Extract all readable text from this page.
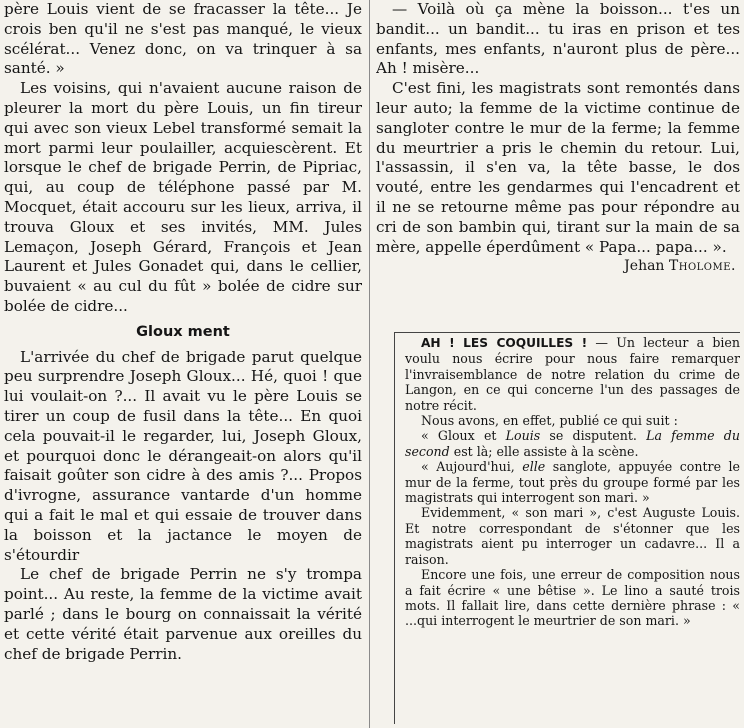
père Louis vient de se fracasser la tête... Je crois ben qu'il ne s'est pas manqué, le vieux scélérat... Venez donc, on va trinquer à sa santé. »

Les voisins, qui n'avaient aucune raison de pleurer la mort du père Louis, un fin tireur qui avec son vieux Lebel transformé semait la mort parmi leur poulailler, acquiescèrent. Et lorsque le chef de brigade Perrin, de Pipriac, qui, au coup de téléphone passé par M. Mocquet, était accouru sur les lieux, arriva, il trouva Gloux et ses invités, MM. Jules Lemaçon, Joseph Gérard, François et Jean Laurent et Jules Gonadet qui, dans le cellier, buvaient « au cul du fût » bolée de cidre sur bolée de cidre...

Gloux ment

L'arrivée du chef de brigade parut quelque peu surprendre Joseph Gloux... Hé, quoi ! que lui voulait-on ?... Il avait vu le père Louis se tirer un coup de fusil dans la tête... En quoi cela pouvait-il le regarder, lui, Joseph Gloux, et pourquoi donc le dérangeait-on alors qu'il faisait goûter son cidre à des amis ?... Propos d'ivrogne, assurance vantarde d'un homme qui a fait le mal et qui essaie de trouver dans la boisson et la jactance le moyen de s'étourdir

Le chef de brigade Perrin ne s'y trompa point... Au reste, la femme de la victime avait parlé ; dans le bourg on connaissait la vérité et cette vérité était parvenue aux oreilles du chef de brigade Perrin.

— Voilà où ça mène la boisson... t'es un bandit... un bandit... tu iras en prison et tes enfants, mes enfants, n'auront plus de père... Ah ! misère...

C'est fini, les magistrats sont remontés dans leur auto; la femme de la victime continue de sangloter contre le mur de la ferme; la femme du meurtrier a pris le chemin du retour. Lui, l'assassin, il s'en va, la tête basse, le dos vouté, entre les gendarmes qui l'encadrent et il ne se retourne même pas pour répondre au cri de son bambin qui, tirant sur la main de sa mère, appelle éperdûment « Papa... papa... ».

Jehan Tholome.

AH ! LES COQUILLES ! — Un lecteur a bien voulu nous écrire pour nous faire remarquer l'invraisemblance de notre relation du crime de Langon, en ce qui concerne l'un des passages de notre récit.

Nous avons, en effet, publié ce qui suit :

« Gloux et Louis se disputent. La femme du second est là; elle assiste à la scène.

« Aujourd'hui, elle sanglote, appuyée contre le mur de la ferme, tout près du groupe formé par les magistrats qui interrogent son mari. »

Evidemment, « son mari », c'est Auguste Louis. Et notre correspondant de s'étonner que les magistrats aient pu interroger un cadavre... Il a raison.

Encore une fois, une erreur de composition nous a fait écrire « une bêtise ». Le lino a sauté trois mots. Il fallait lire, dans cette dernière phrase : « ...qui interrogent le meurtrier de son mari. »
